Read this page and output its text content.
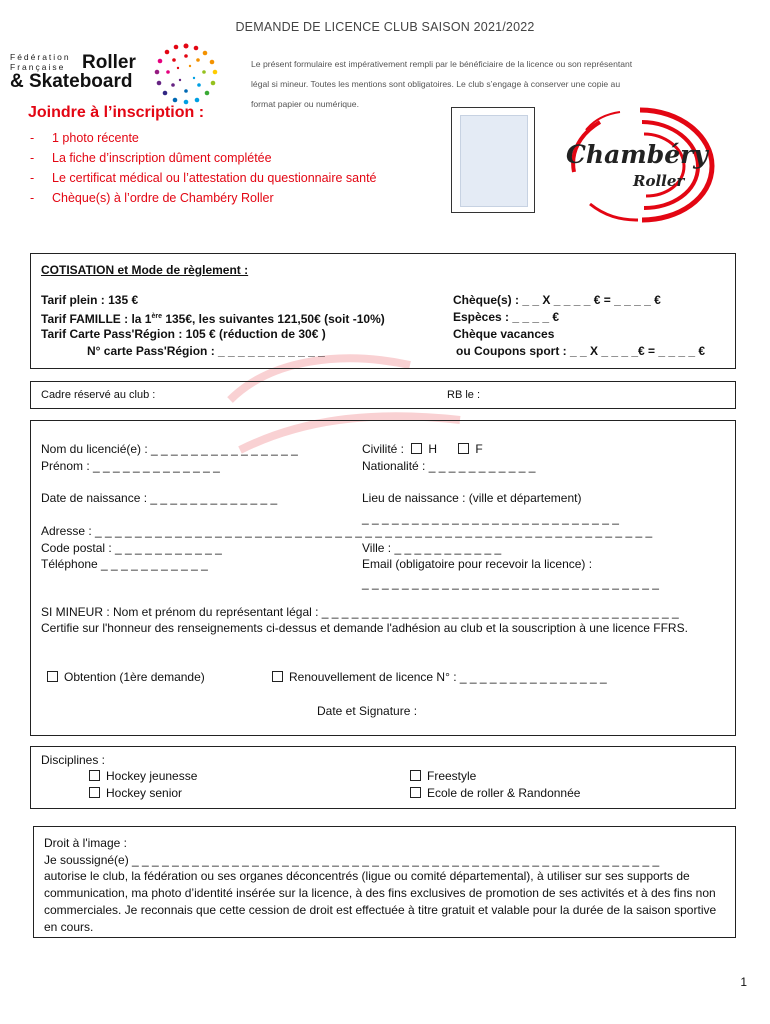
DEMANDE DE LICENCE CLUB SAISON 2021/2022
Le présent formulaire est impérativement rempli par le bénéficiaire de la licence ou son représentant légal si mineur. Toutes les mentions sont obligatoires. Le club s’engage à conserver une copie au format papier ou numérique.
Fédération
Française Roller
& Skateboard
Joindre à l’inscription :
- 1 photo récente
- La fiche d’inscription dûment complétée
- Le certificat médical ou l’attestation du questionnaire santé
- Chèque(s) à l’ordre de Chambéry Roller
Chambéry
Roller
COTISATION et Mode de règlement :
Tarif plein : 135 €
Tarif FAMILLE : la 1ère 135€, les suivantes 121,50€ (soit -10%)
Tarif Carte Pass'Région : 105 € (réduction de 30€ )
N° carte Pass'Région : _ _ _ _ _ _ _ _ _ _ _
Chèque(s) : _ _ X _ _ _ _ € = _ _ _ _ €
Espèces : _ _ _ _ €
Chèque vacances
ou Coupons sport : _ _ X _ _ _ _€ = _ _ _ _ €
Cadre réservé au club :	RB le :
Nom du licencié(e) : _ _ _ _ _ _ _ _ _ _ _ _ _ _ _
Prénom : _ _ _ _ _ _ _ _ _ _ _ _ _
Civilité : H	F
Nationalité : _ _ _ _ _ _ _ _ _ _ _
Date de naissance : _ _ _ _ _ _ _ _ _ _ _ _ _	Lieu de naissance : (ville et département)
_ _ _ _ _ _ _ _ _ _ _ _ _ _ _ _ _ _ _ _ _ _ _ _ _ _
Adresse : _ _ _ _ _ _ _ _ _ _ _ _ _ _ _ _ _ _ _ _ _ _ _ _ _ _ _ _ _ _ _ _ _ _ _ _ _ _ _ _ _ _ _ _ _ _ _ _ _ _ _ _ _ _ _ _
Code postal : _ _ _ _ _ _ _ _ _ _ _	Ville : _ _ _ _ _ _ _ _ _ _ _
Téléphone _ _ _ _ _ _ _ _ _ _ _	Email (obligatoire pour recevoir la licence) :
_ _ _ _ _ _ _ _ _ _ _ _ _ _ _ _ _ _ _ _ _ _ _ _ _ _ _ _ _ _
SI MINEUR : Nom et prénom du représentant légal : _ _ _ _ _ _ _ _ _ _ _ _ _ _ _ _ _ _ _ _ _ _ _ _ _ _ _ _ _ _ _ _ _ _ _ _
Certifie sur l'honneur des renseignements ci-dessus et demande l'adhésion au club et la souscription à une licence FFRS.
Obtention (1ère demande)	Renouvellement de licence N° : _ _ _ _ _ _ _ _ _ _ _ _ _ _ _
Date et Signature :
Disciplines :
Hockey jeunesse
Hockey senior
Freestyle
Ecole de roller & Randonnée
Droit à l'image :
Je soussigné(e) _ _ _ _ _ _ _ _ _ _ _ _ _ _ _ _ _ _ _ _ _ _ _ _ _ _ _ _ _ _ _ _ _ _ _ _ _ _ _ _ _ _ _ _ _ _ _ _ _ _ _ _ _
autorise le club, la fédération ou ses organes déconcentrés (ligue ou comité départemental), à utiliser sur ses supports de communication, ma photo d’identité insérée sur la licence, à des fins exclusives de promotion de ses activités et à des fins non commerciales. Je reconnais que cette cession de droit est effectuée à titre gratuit et valable pour la durée de la saison sportive en cours.
1
